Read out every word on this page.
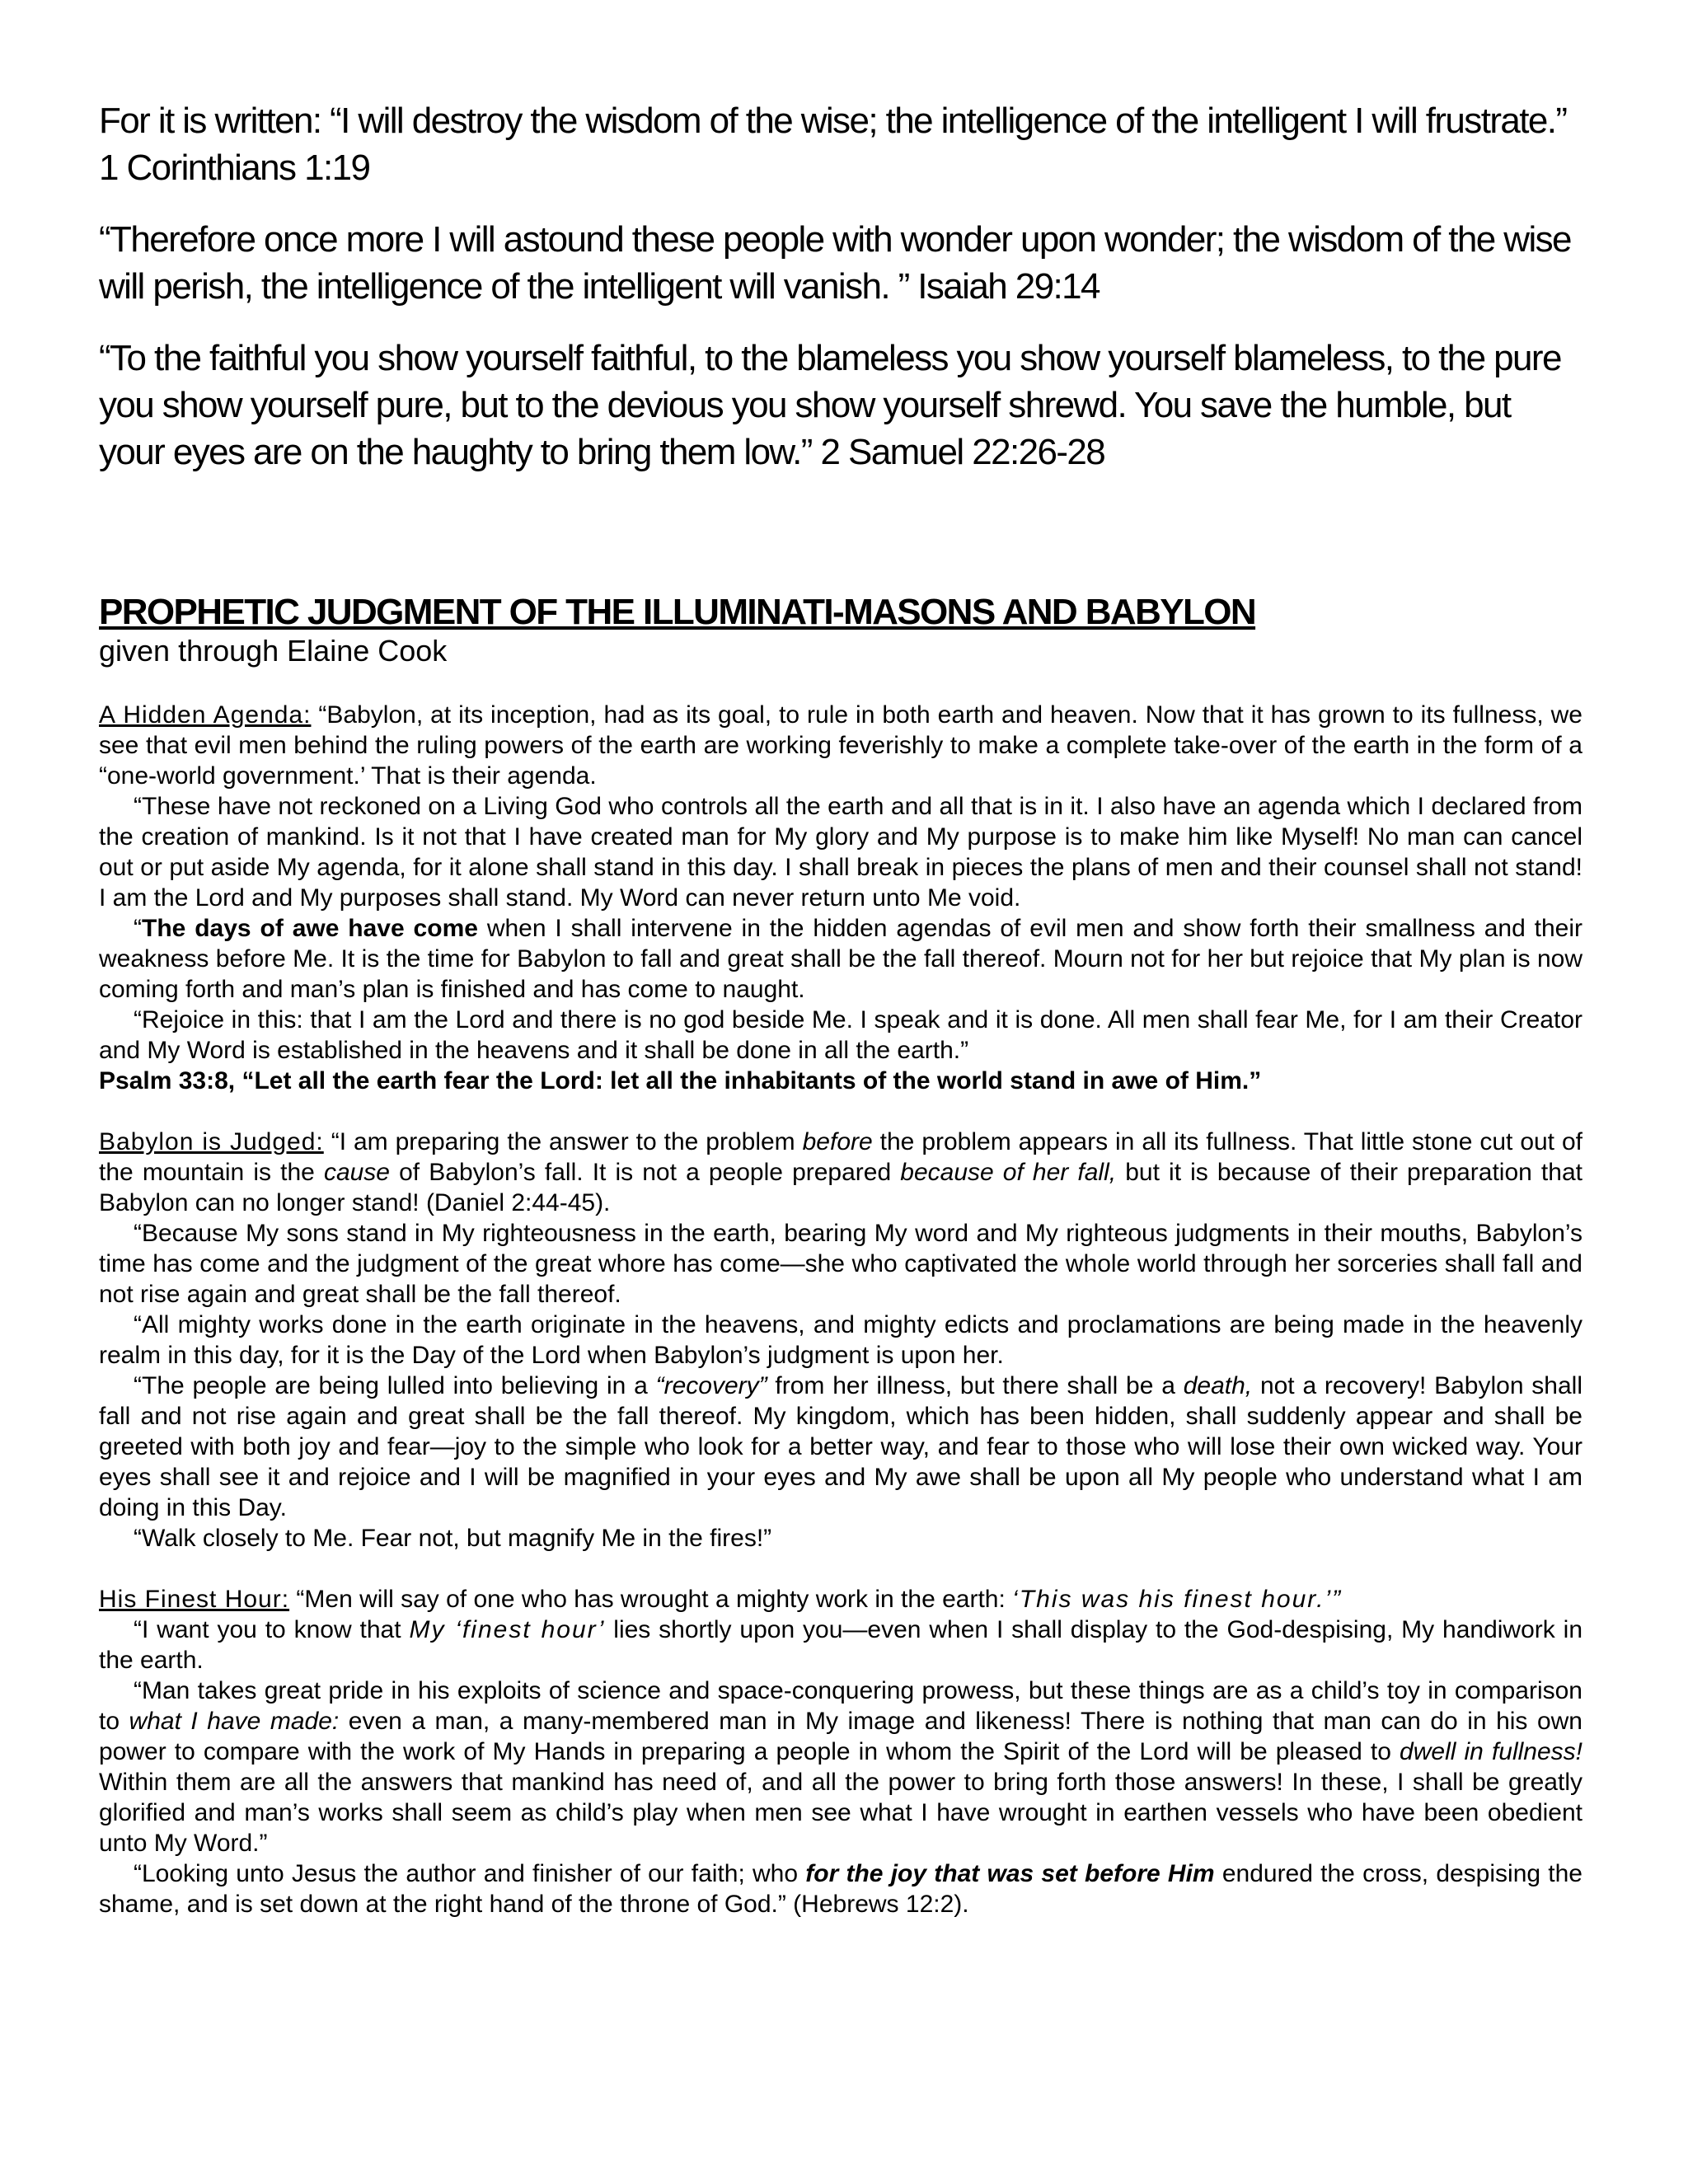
For it is written: “I will destroy the wisdom of the wise; the intelligence of the intelligent I will frustrate.” 1 Corinthians 1:19

“Therefore once more I will astound these people with wonder upon wonder; the wisdom of the wise will perish, the intelligence of the intelligent will vanish. ” Isaiah 29:14

“To the faithful you show yourself faithful, to the blameless you show yourself blameless, to the pure you show yourself pure, but to the devious you show yourself shrewd. You save the humble, but your eyes are on the haughty to bring them low.” 2 Samuel 22:26-28

PROPHETIC JUDGMENT OF THE ILLUMINATI-MASONS AND BABYLON

given through Elaine Cook

A Hidden Agenda: “Babylon, at its inception, had as its goal, to rule in both earth and heaven. Now that it has grown to its fullness, we see that evil men behind the ruling powers of the earth are working feverishly to make a complete take-over of the earth in the form of a “one-world government.’ That is their agenda.

“These have not reckoned on a Living God who controls all the earth and all that is in it. I also have an agenda which I declared from the creation of mankind. Is it not that I have created man for My glory and My purpose is to make him like Myself! No man can cancel out or put aside My agenda, for it alone shall stand in this day. I shall break in pieces the plans of men and their counsel shall not stand! I am the Lord and My purposes shall stand. My Word can never return unto Me void.

“The days of awe have come when I shall intervene in the hidden agendas of evil men and show forth their smallness and their weakness before Me. It is the time for Babylon to fall and great shall be the fall thereof. Mourn not for her but rejoice that My plan is now coming forth and man’s plan is finished and has come to naught.

“Rejoice in this: that I am the Lord and there is no god beside Me. I speak and it is done. All men shall fear Me, for I am their Creator and My Word is established in the heavens and it shall be done in all the earth.”

Psalm 33:8, “Let all the earth fear the Lord: let all the inhabitants of the world stand in awe of Him.”

Babylon is Judged: “I am preparing the answer to the problem before the problem appears in all its fullness. That little stone cut out of the mountain is the cause of Babylon’s fall. It is not a people prepared because of her fall, but it is because of their preparation that Babylon can no longer stand! (Daniel 2:44-45).

“Because My sons stand in My righteousness in the earth, bearing My word and My righteous judgments in their mouths, Babylon’s time has come and the judgment of the great whore has come—she who captivated the whole world through her sorceries shall fall and not rise again and great shall be the fall thereof.

“All mighty works done in the earth originate in the heavens, and mighty edicts and proclamations are being made in the heavenly realm in this day, for it is the Day of the Lord when Babylon’s judgment is upon her.

“The people are being lulled into believing in a “recovery” from her illness, but there shall be a death, not a recovery! Babylon shall fall and not rise again and great shall be the fall thereof. My kingdom, which has been hidden, shall suddenly appear and shall be greeted with both joy and fear—joy to the simple who look for a better way, and fear to those who will lose their own wicked way. Your eyes shall see it and rejoice and I will be magnified in your eyes and My awe shall be upon all My people who understand what I am doing in this Day.

“Walk closely to Me. Fear not, but magnify Me in the fires!”

His Finest Hour: “Men will say of one who has wrought a mighty work in the earth: ‘This was his finest hour.’”

“I want you to know that My ‘finest hour’ lies shortly upon you—even when I shall display to the God-despising, My handiwork in the earth.

“Man takes great pride in his exploits of science and space-conquering prowess, but these things are as a child’s toy in comparison to what I have made: even a man, a many-membered man in My image and likeness! There is nothing that man can do in his own power to compare with the work of My Hands in preparing a people in whom the Spirit of the Lord will be pleased to dwell in fullness! Within them are all the answers that mankind has need of, and all the power to bring forth those answers! In these, I shall be greatly glorified and man’s works shall seem as child’s play when men see what I have wrought in earthen vessels who have been obedient unto My Word.”

“Looking unto Jesus the author and finisher of our faith; who for the joy that was set before Him endured the cross, despising the shame, and is set down at the right hand of the throne of God.” (Hebrews 12:2).
